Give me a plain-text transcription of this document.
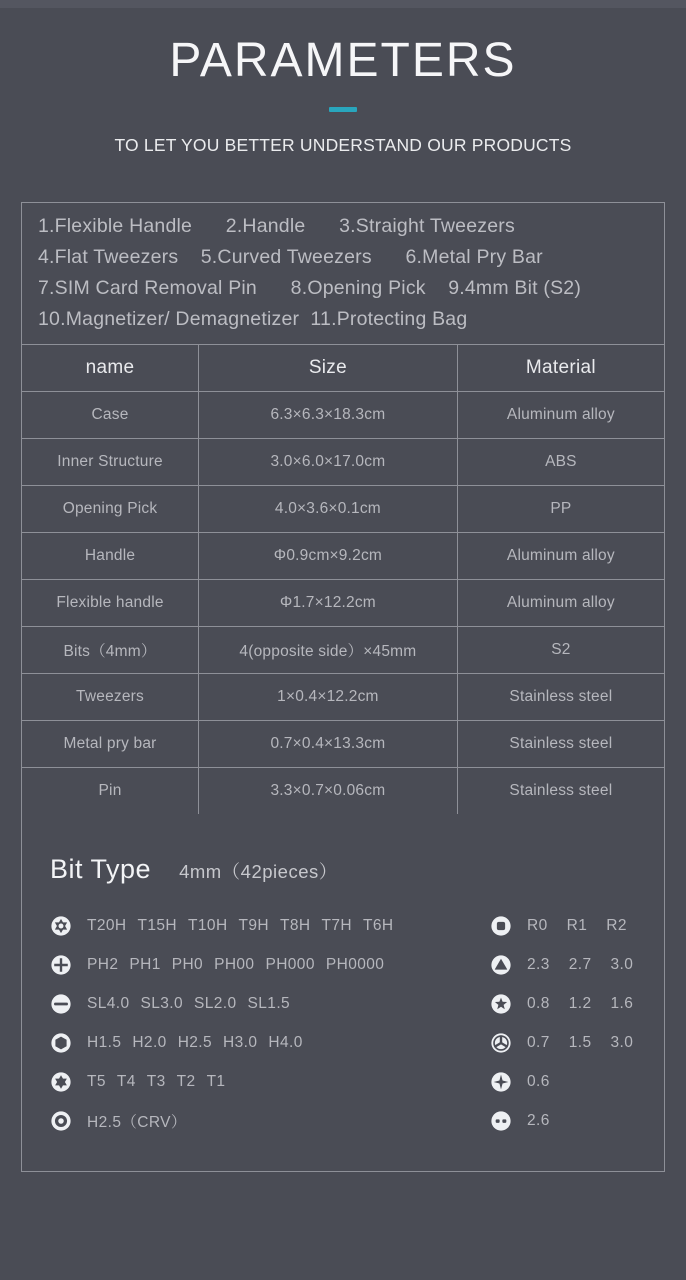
PARAMETERS

TO LET YOU BETTER UNDERSTAND OUR PRODUCTS

1.Flexible Handle      2.Handle      3.Straight Tweezers
4.Flat Tweezers    5.Curved Tweezers      6.Metal Pry Bar
7.SIM Card Removal Pin      8.Opening Pick    9.4mm Bit (S2)
10.Magnetizer/ Demagnetizer  11.Protecting Bag
name	Size	Material
Case	6.3×6.3×18.3cm	Aluminum alloy
Inner Structure	3.0×6.0×17.0cm	ABS
Opening Pick	4.0×3.6×0.1cm	PP
Handle	Φ0.9cm×9.2cm	Aluminum alloy
Flexible handle	Φ1.7×12.2cm	Aluminum alloy
Bits（4mm）	4(opposite side）×45mm	S2
Tweezers	1×0.4×12.2cm	Stainless steel
Metal pry bar	0.7×0.4×13.3cm	Stainless steel
Pin	3.3×0.7×0.06cm	Stainless steel
Bit Type 4mm（42pieces）
T20H T15H T10H T9H T8H T7H T6H	R0 R1 R2
PH2 PH1 PH0 PH00 PH000 PH0000	2.3 2.7 3.0
SL4.0 SL3.0 SL2.0 SL1.5	0.8 1.2 1.6
H1.5 H2.0 H2.5 H3.0 H4.0	0.7 1.5 3.0
T5 T4 T3 T2 T1	0.6
H2.5（CRV）	2.6
